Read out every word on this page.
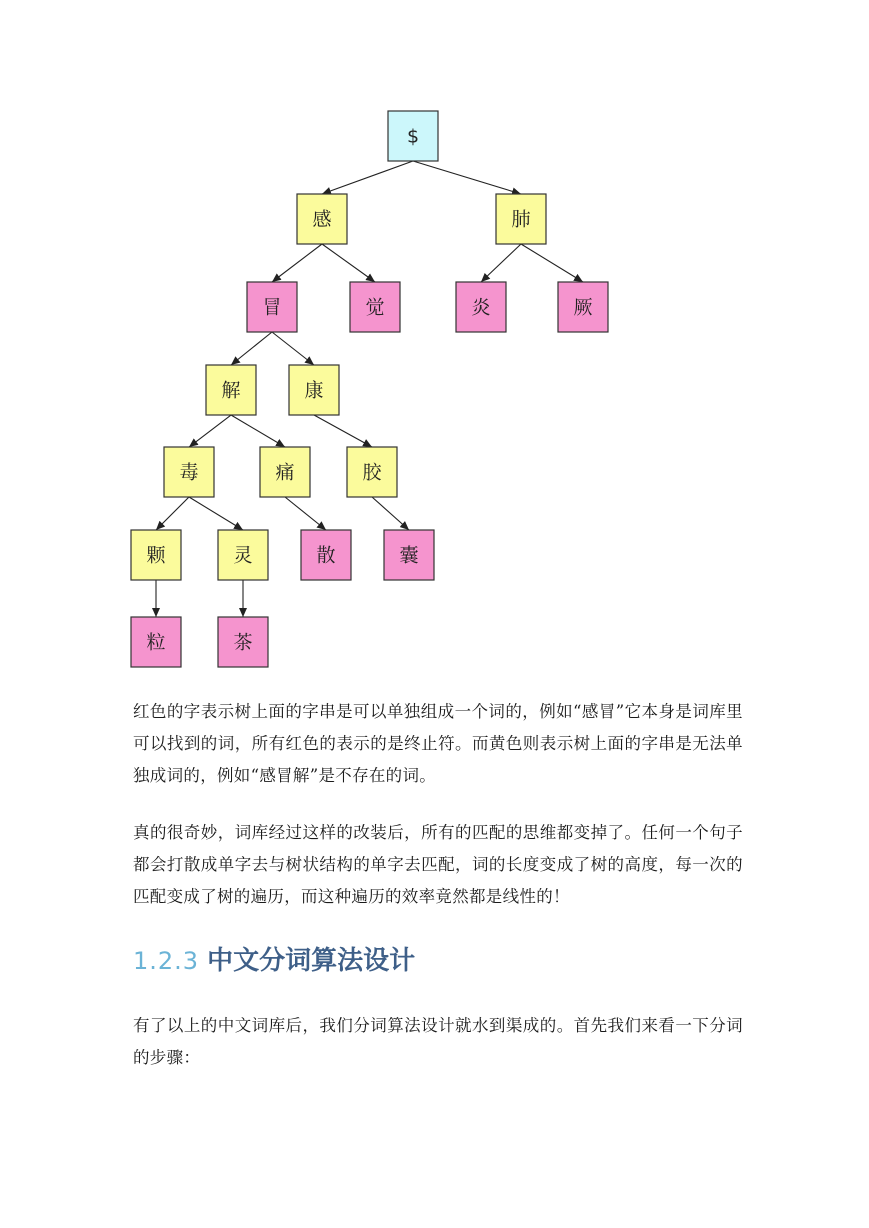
$
感	肺
冒	觉	炎	厥
解	康
毒	痛	胶
颗	灵	散	囊
粒	茶

红色的字表示树上面的字串是可以单独组成一个词的，例如“感冒”它本身是词库里可以找到的词，所有红色的表示的是终止符。而黄色则表示树上面的字串是无法单独成词的，例如“感冒解”是不存在的词。

真的很奇妙，词库经过这样的改装后，所有的匹配的思维都变掉了。任何一个句子都会打散成单字去与树状结构的单字去匹配，词的长度变成了树的高度，每一次的匹配变成了树的遍历，而这种遍历的效率竟然都是线性的！

1.2.3 中文分词算法设计

有了以上的中文词库后，我们分词算法设计就水到渠成的。首先我们来看一下分词的步骤：
